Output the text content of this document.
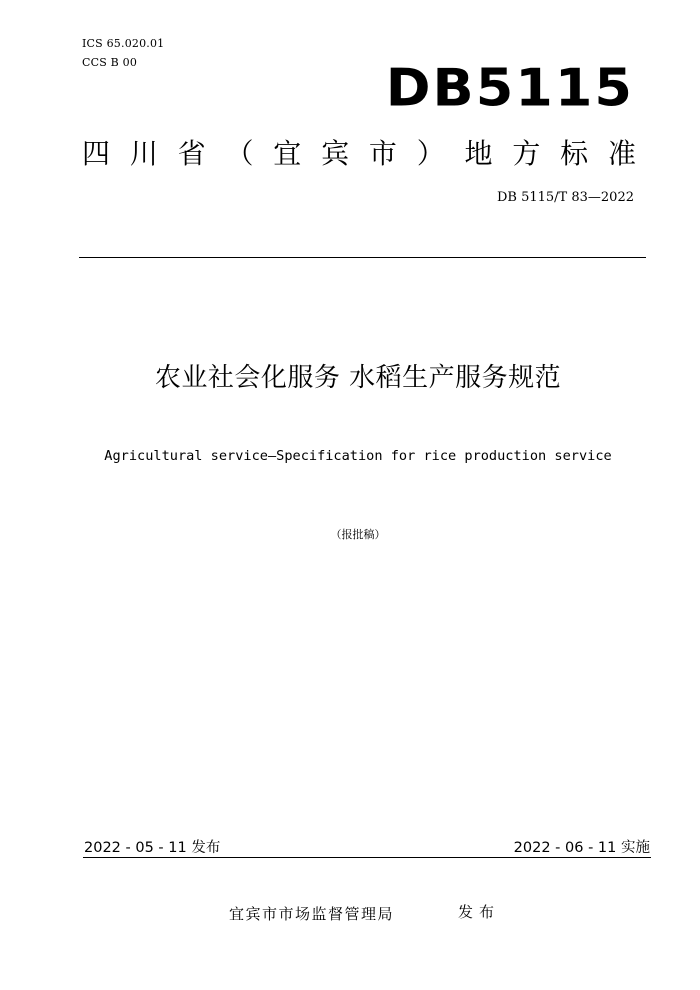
ICS 65.020.01
CCS B 00	DB5115
四 川 省 （ 宜 宾 市 ） 地 方 标 准
DB 5115/T 83—2022
农业社会化服务 水稻生产服务规范
Agricultural service—Specification for rice production service
（报批稿）
2022 - 05 - 11 发布	2022 - 06 - 11 实施
宜宾市市场监督管理局	发布
